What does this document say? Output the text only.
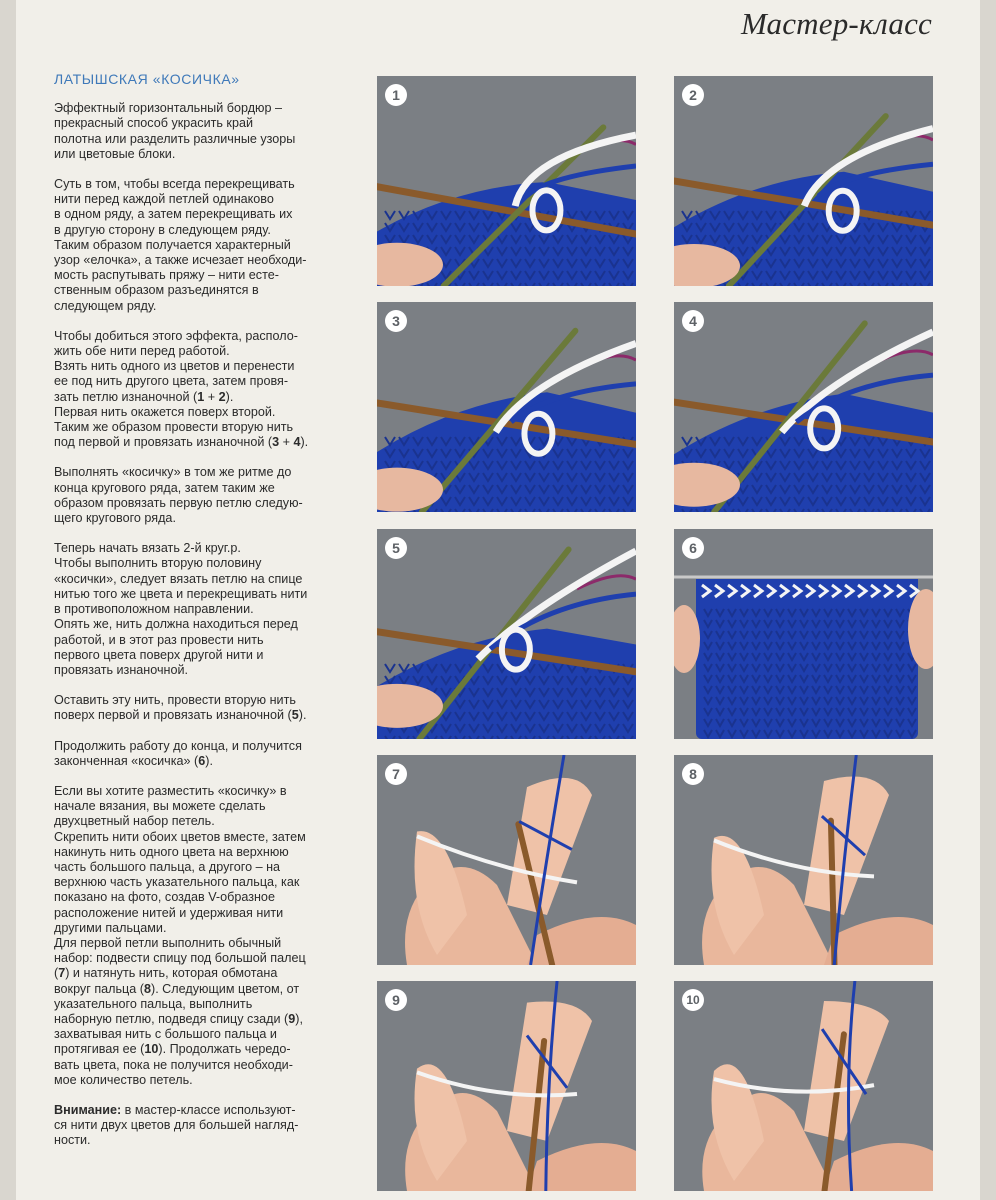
Мастер-класс
ЛАТЫШСКАЯ «КОСИЧКА»
Эффектный горизонтальный бордюр –
прекрасный способ украсить край
полотна или разделить различные узоры
или цветовые блоки.
Суть в том, чтобы всегда перекрещивать
нити перед каждой петлей одинаково
в одном ряду, а затем перекрещивать их
в другую сторону в следующем ряду.
Таким образом получается характерный
узор «елочка», а также исчезает необходи-
мость распутывать пряжу – нити есте-
ственным образом разъединятся в
следующем ряду.
Чтобы добиться этого эффекта, располо-
жить обе нити перед работой.
Взять нить одного из цветов и перенести
ее под нить другого цвета, затем провя-
зать петлю изнаночной (1 + 2).
Первая нить окажется поверх второй.
Таким же образом провести вторую нить
под первой и провязать изнаночной (3 + 4).
Выполнять «косичку» в том же ритме до
конца кругового ряда, затем таким же
образом провязать первую петлю следую-
щего кругового ряда.
Теперь начать вязать 2-й круг.р.
Чтобы выполнить вторую половину
«косички», следует вязать петлю на спице
нитью того же цвета и перекрещивать нити
в противоположном направлении.
Опять же, нить должна находиться перед
работой, и в этот раз провести нить
первого цвета поверх другой нити и
провязать изнаночной.
Оставить эту нить, провести вторую нить
поверх первой и провязать изнаночной (5).
Продолжить работу до конца, и получится
законченная «косичка» (6).
Если вы хотите разместить «косичку» в
начале вязания, вы можете сделать
двухцветный набор петель.
Скрепить нити обоих цветов вместе, затем
накинуть нить одного цвета на верхнюю
часть большого пальца, а другого – на
верхнюю часть указательного пальца, как
показано на фото, создав V-образное
расположение нитей и удерживая нити
другими пальцами.
Для первой петли выполнить обычный
набор: подвести спицу под большой палец
(7) и натянуть нить, которая обмотана
вокруг пальца (8). Следующим цветом, от
указательного пальца, выполнить
наборную петлю, подведя спицу сзади (9),
захватывая нить с большого пальца и
протягивая ее (10). Продолжать чередо-
вать цвета, пока не получится необходи-
мое количество петель.
Внимание: в мастер-классе используют-
ся нити двух цветов для большей нагляд-
ности.
1	2
3	4
5	6
7	8
9	10
